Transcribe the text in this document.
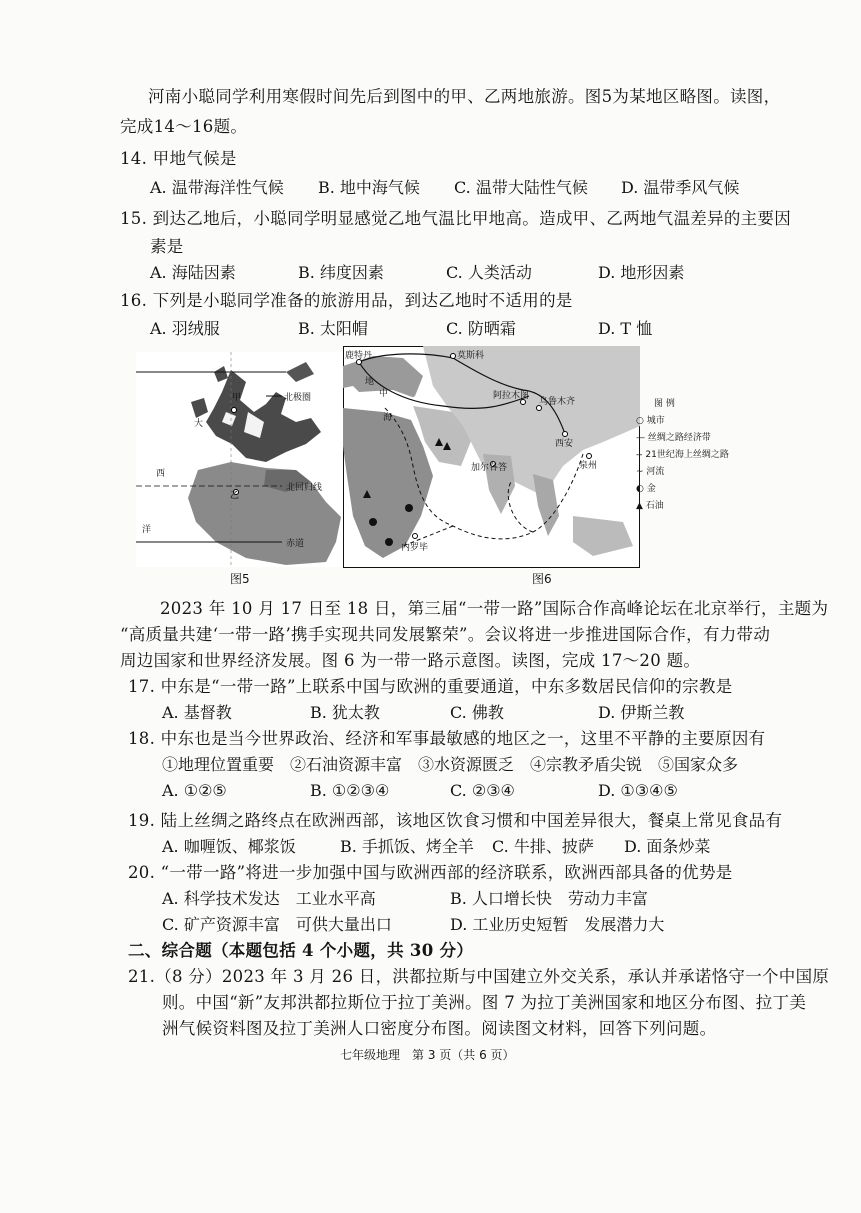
河南小聪同学利用寒假时间先后到图中的甲、乙两地旅游。图5为某地区略图。读图，
完成14～16题。
14. 甲地气候是
A. 温带海洋性气候 B. 地中海气候 C. 温带大陆性气候 D. 温带季风气候
15. 到达乙地后，小聪同学明显感觉乙地气温比甲地高。造成甲、乙两地气温差异的主要因
素是
A. 海陆因素	B. 纬度因素	C. 人类活动	D. 地形因素
16. 下列是小聪同学准备的旅游用品，到达乙地时不适用的是
A. 羽绒服	B. 太阳帽	C. 防晒霜	D. T 恤
甲
乙
大
西
洋
北极圈
北回归线
赤道
图5
鹿特丹	莫斯科
阿拉木图
乌鲁木齐
西安
泉州
加尔各答
内罗毕
地
中
海
图6
图 例
○ 城市
— 丝绸之路经济带
-- 21世纪海上丝绸之路
~ 河流
◐ 金
▲ 石油
2023 年 10 月 17 日至 18 日，第三届“一带一路”国际合作高峰论坛在北京举行，主题为
“高质量共建‘一带一路’携手实现共同发展繁荣”。会议将进一步推进国际合作，有力带动
周边国家和世界经济发展。图 6 为一带一路示意图。读图，完成 17～20 题。
17. 中东是“一带一路”上联系中国与欧洲的重要通道，中东多数居民信仰的宗教是
A. 基督教	B. 犹太教	C. 佛教	D. 伊斯兰教
18. 中东也是当今世界政治、经济和军事最敏感的地区之一，这里不平静的主要原因有
①地理位置重要　②石油资源丰富　③水资源匮乏　④宗教矛盾尖锐　⑤国家众多
A. ①②⑤	B. ①②③④	C. ②③④	D. ①③④⑤
19. 陆上丝绸之路终点在欧洲西部，该地区饮食习惯和中国差异很大，餐桌上常见食品有
A. 咖喱饭、椰浆饭	B. 手抓饭、烤全羊 C. 牛排、披萨 D. 面条炒菜
20. “一带一路”将进一步加强中国与欧洲西部的经济联系，欧洲西部具备的优势是
A. 科学技术发达　工业水平高	B. 人口增长快　劳动力丰富
C. 矿产资源丰富　可供大量出口	D. 工业历史短暂　发展潜力大
二、综合题（本题包括 4 个小题，共 30 分）
21.（8 分）2023 年 3 月 26 日，洪都拉斯与中国建立外交关系，承认并承诺恪守一个中国原
则。中国“新”友邦洪都拉斯位于拉丁美洲。图 7 为拉丁美洲国家和地区分布图、拉丁美
洲气候资料图及拉丁美洲人口密度分布图。阅读图文材料，回答下列问题。
七年级地理　第 3 页（共 6 页）
